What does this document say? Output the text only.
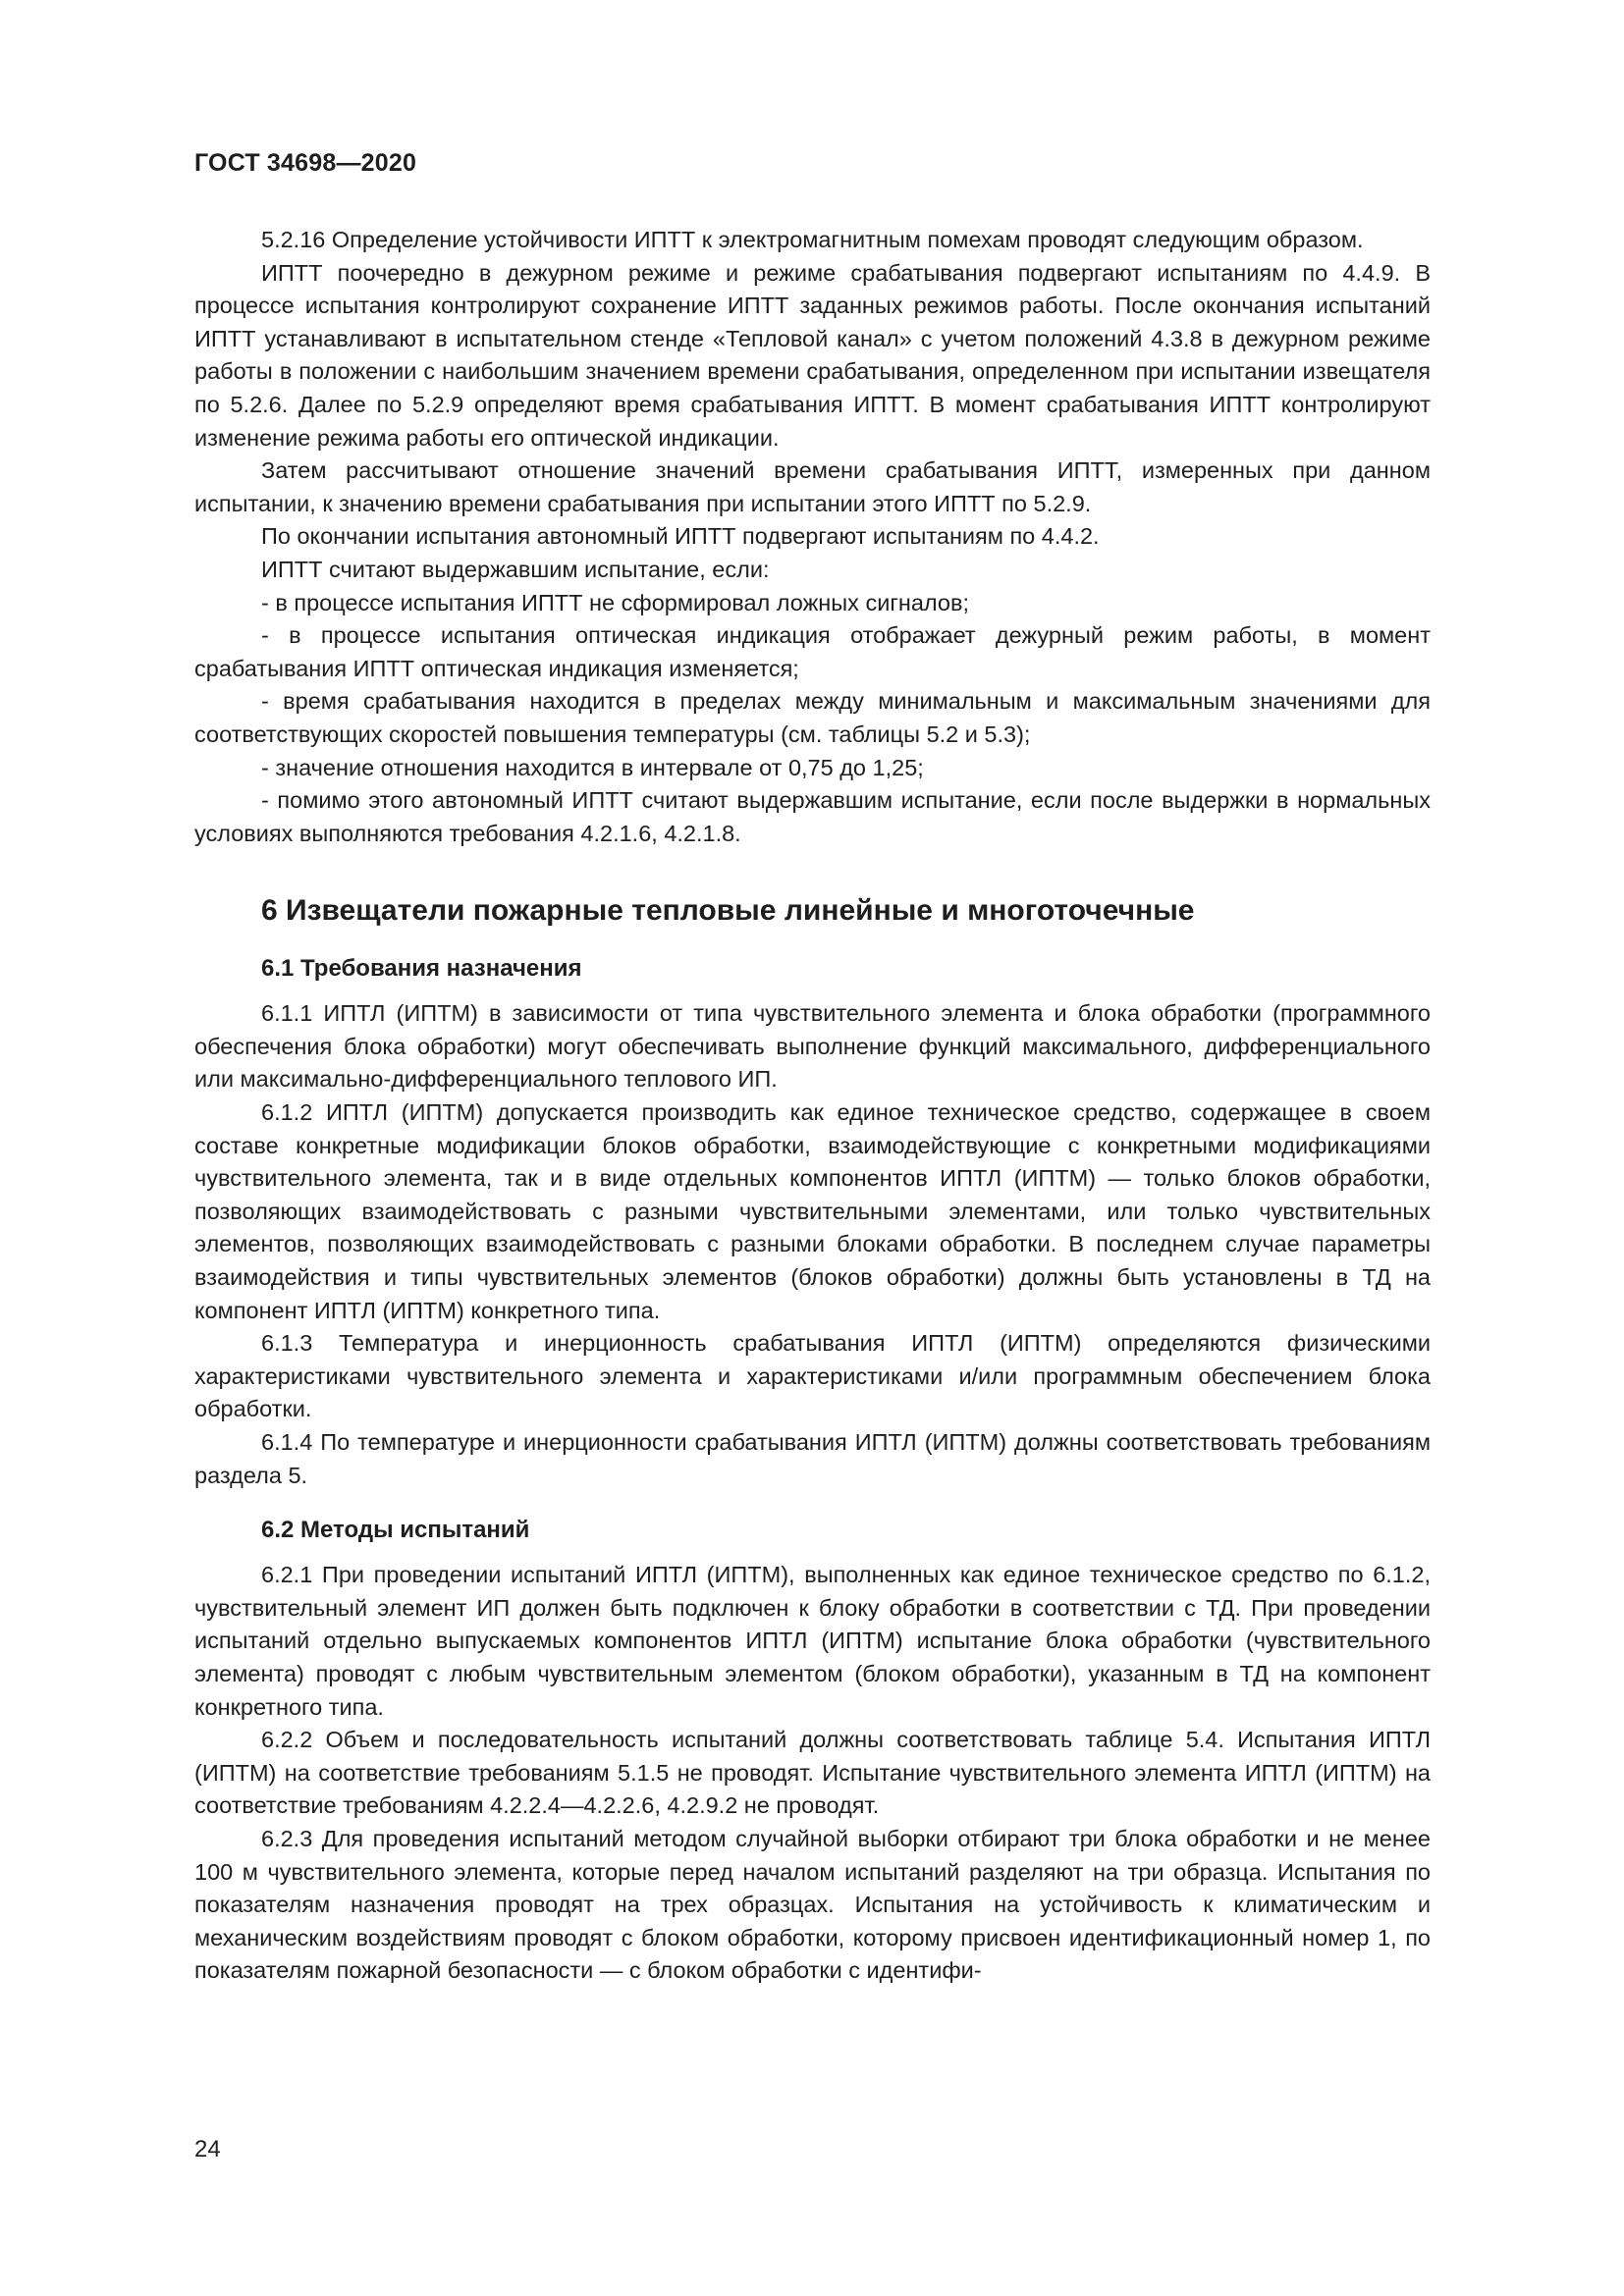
ГОСТ 34698—2020

5.2.16 Определение устойчивости ИПТТ к электромагнитным помехам проводят следующим образом.

ИПТТ поочередно в дежурном режиме и режиме срабатывания подвергают испытаниям по 4.4.9. В процессе испытания контролируют сохранение ИПТТ заданных режимов работы. После окончания испытаний ИПТТ устанавливают в испытательном стенде «Тепловой канал» с учетом положений 4.3.8 в дежурном режиме работы в положении с наибольшим значением времени срабатывания, определенном при испытании извещателя по 5.2.6. Далее по 5.2.9 определяют время срабатывания ИПТТ. В момент срабатывания ИПТТ контролируют изменение режима работы его оптической индикации.

Затем рассчитывают отношение значений времени срабатывания ИПТТ, измеренных при данном испытании, к значению времени срабатывания при испытании этого ИПТТ по 5.2.9.

По окончании испытания автономный ИПТТ подвергают испытаниям по 4.4.2.

ИПТТ считают выдержавшим испытание, если:

- в процессе испытания ИПТТ не сформировал ложных сигналов;

- в процессе испытания оптическая индикация отображает дежурный режим работы, в момент срабатывания ИПТТ оптическая индикация изменяется;

- время срабатывания находится в пределах между минимальным и максимальным значениями для соответствующих скоростей повышения температуры (см. таблицы 5.2 и 5.3);

- значение отношения находится в интервале от 0,75 до 1,25;

- помимо этого автономный ИПТТ считают выдержавшим испытание, если после выдержки в нормальных условиях выполняются требования 4.2.1.6, 4.2.1.8.

6 Извещатели пожарные тепловые линейные и многоточечные
6.1 Требования назначения

6.1.1 ИПТЛ (ИПТМ) в зависимости от типа чувствительного элемента и блока обработки (программного обеспечения блока обработки) могут обеспечивать выполнение функций максимального, дифференциального или максимально-дифференциального теплового ИП.

6.1.2 ИПТЛ (ИПТМ) допускается производить как единое техническое средство, содержащее в своем составе конкретные модификации блоков обработки, взаимодействующие с конкретными модификациями чувствительного элемента, так и в виде отдельных компонентов ИПТЛ (ИПТМ) — только блоков обработки, позволяющих взаимодействовать с разными чувствительными элементами, или только чувствительных элементов, позволяющих взаимодействовать с разными блоками обработки. В последнем случае параметры взаимодействия и типы чувствительных элементов (блоков обработки) должны быть установлены в ТД на компонент ИПТЛ (ИПТМ) конкретного типа.

6.1.3 Температура и инерционность срабатывания ИПТЛ (ИПТМ) определяются физическими характеристиками чувствительного элемента и характеристиками и/или программным обеспечением блока обработки.

6.1.4 По температуре и инерционности срабатывания ИПТЛ (ИПТМ) должны соответствовать требованиям раздела 5.

6.2 Методы испытаний

6.2.1 При проведении испытаний ИПТЛ (ИПТМ), выполненных как единое техническое средство по 6.1.2, чувствительный элемент ИП должен быть подключен к блоку обработки в соответствии с ТД. При проведении испытаний отдельно выпускаемых компонентов ИПТЛ (ИПТМ) испытание блока обработки (чувствительного элемента) проводят с любым чувствительным элементом (блоком обработки), указанным в ТД на компонент конкретного типа.

6.2.2 Объем и последовательность испытаний должны соответствовать таблице 5.4. Испытания ИПТЛ (ИПТМ) на соответствие требованиям 5.1.5 не проводят. Испытание чувствительного элемента ИПТЛ (ИПТМ) на соответствие требованиям 4.2.2.4—4.2.2.6, 4.2.9.2 не проводят.

6.2.3 Для проведения испытаний методом случайной выборки отбирают три блока обработки и не менее 100 м чувствительного элемента, которые перед началом испытаний разделяют на три образца. Испытания по показателям назначения проводят на трех образцах. Испытания на устойчивость к климатическим и механическим воздействиям проводят с блоком обработки, которому присвоен идентификационный номер 1, по показателям пожарной безопасности — с блоком обработки с идентифи-

24
